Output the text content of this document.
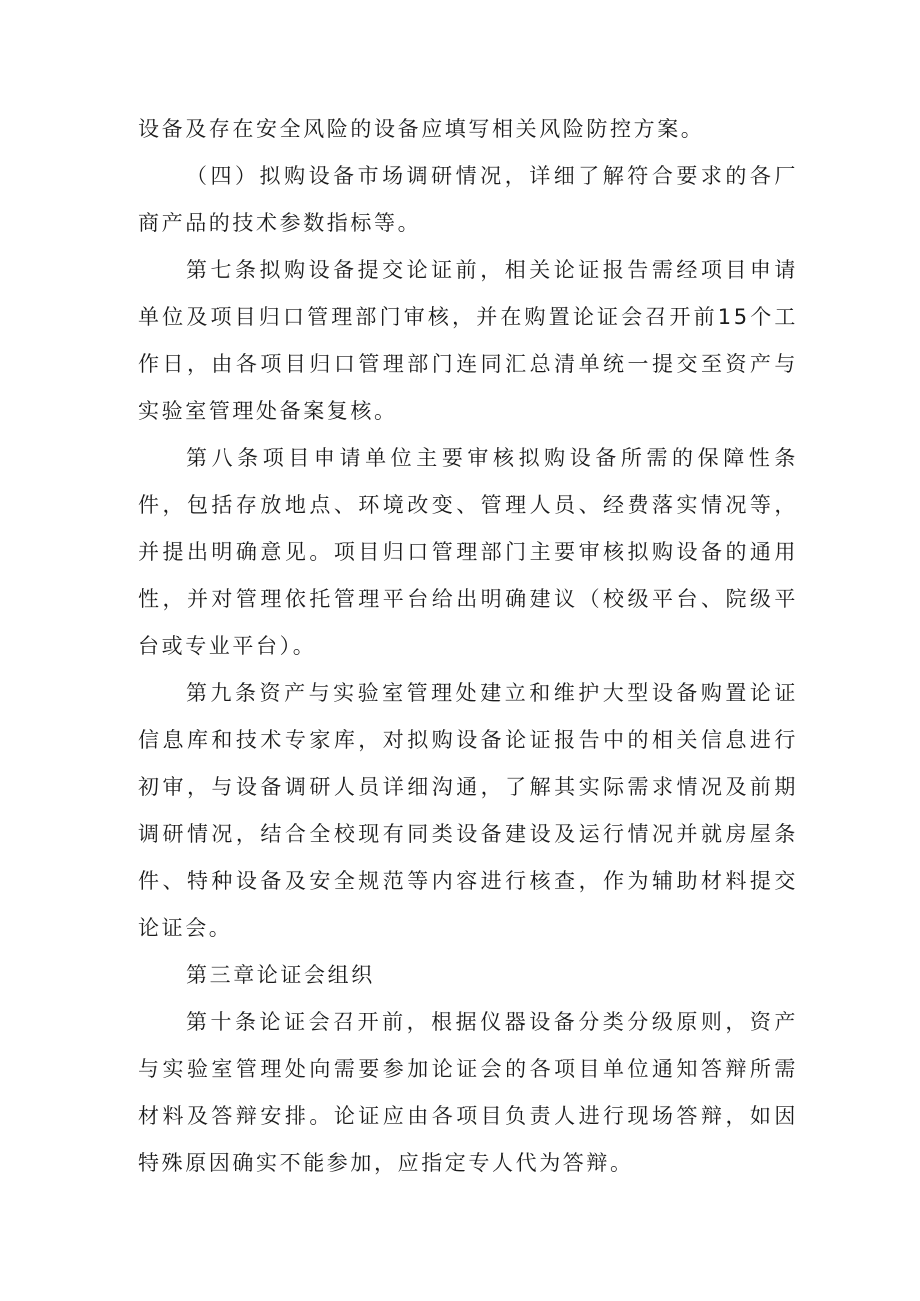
设备及存在安全风险的设备应填写相关风险防控方案。

（四）拟购设备市场调研情况，详细了解符合要求的各厂商产品的技术参数指标等。

第七条拟购设备提交论证前，相关论证报告需经项目申请单位及项目归口管理部门审核，并在购置论证会召开前15个工作日，由各项目归口管理部门连同汇总清单统一提交至资产与实验室管理处备案复核。

第八条项目申请单位主要审核拟购设备所需的保障性条件，包括存放地点、环境改变、管理人员、经费落实情况等，并提出明确意见。项目归口管理部门主要审核拟购设备的通用性，并对管理依托管理平台给出明确建议（校级平台、院级平台或专业平台）。

第九条资产与实验室管理处建立和维护大型设备购置论证信息库和技术专家库，对拟购设备论证报告中的相关信息进行初审，与设备调研人员详细沟通，了解其实际需求情况及前期调研情况，结合全校现有同类设备建设及运行情况并就房屋条件、特种设备及安全规范等内容进行核查，作为辅助材料提交论证会。

第三章论证会组织

第十条论证会召开前，根据仪器设备分类分级原则，资产与实验室管理处向需要参加论证会的各项目单位通知答辩所需材料及答辩安排。论证应由各项目负责人进行现场答辩，如因特殊原因确实不能参加，应指定专人代为答辩。
